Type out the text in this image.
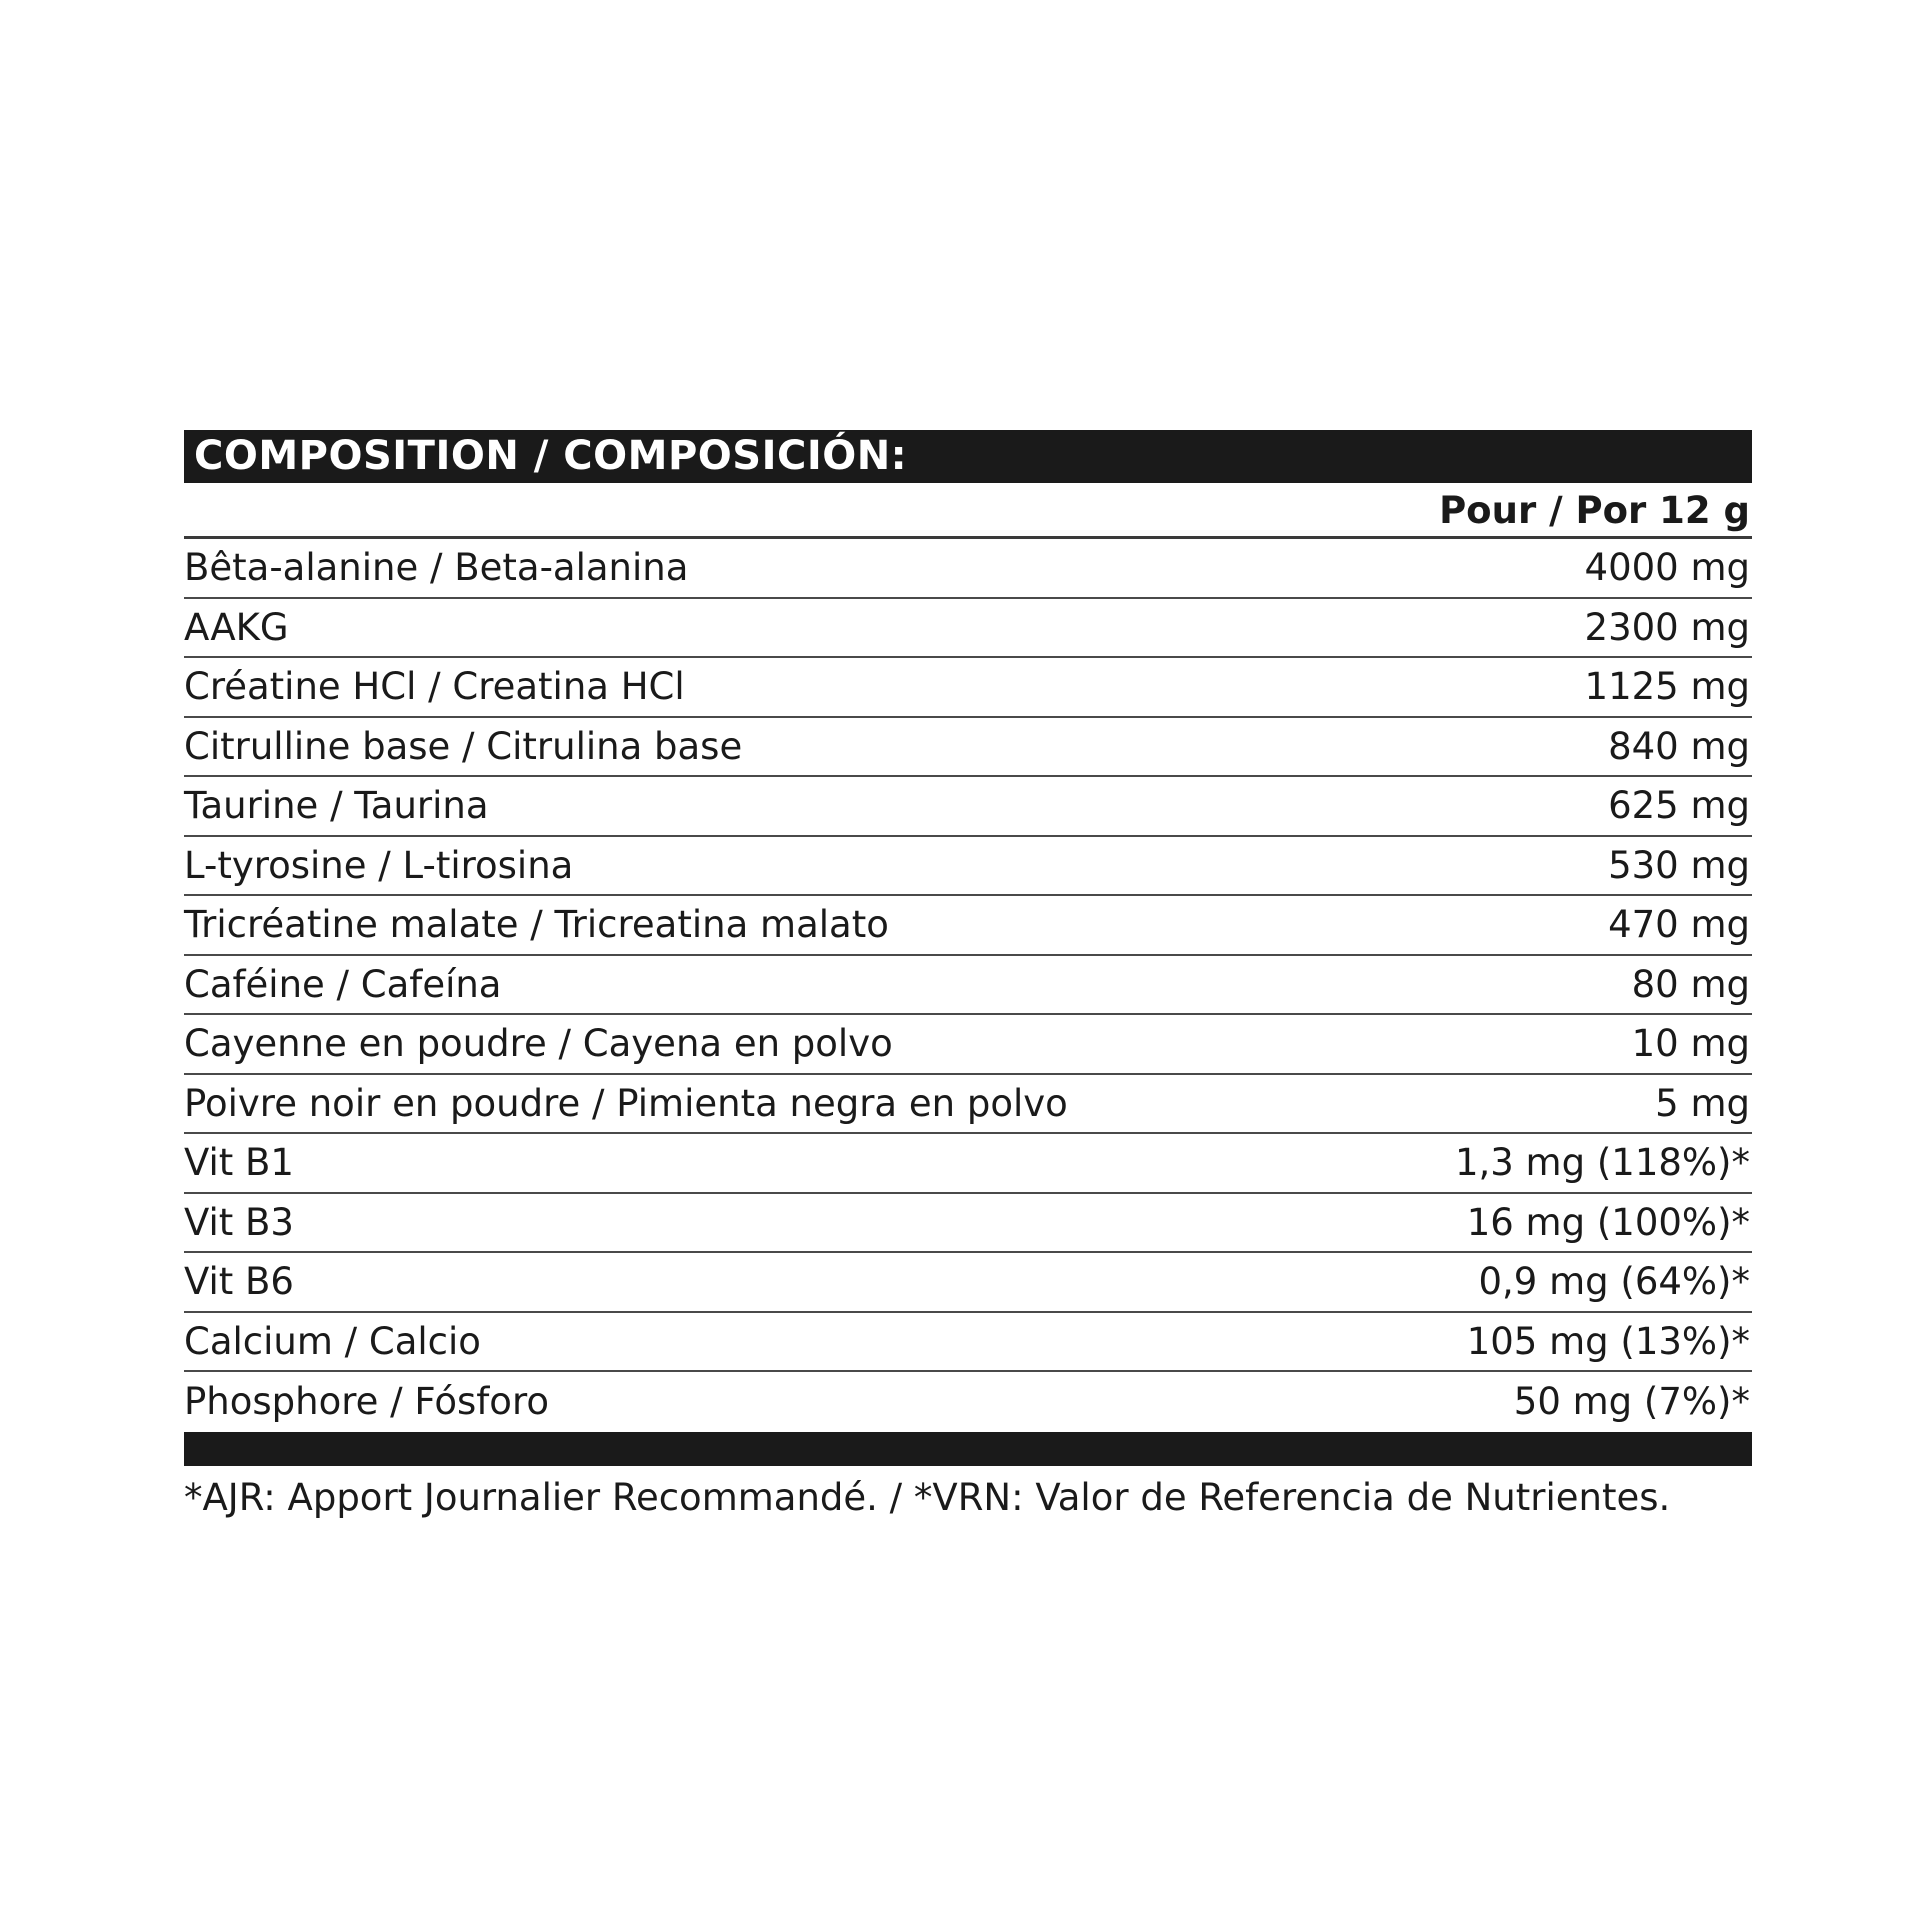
COMPOSITION / COMPOSICIÓN:
Pour / Por 12 g
Bêta-alanine / Beta-alanina	4000 mg
AAKG	2300 mg
Créatine HCl / Creatina HCl	1125 mg
Citrulline base / Citrulina base	840 mg
Taurine / Taurina	625 mg
L-tyrosine / L-tirosina	530 mg
Tricréatine malate / Tricreatina malato	470 mg
Caféine / Cafeína	80 mg
Cayenne en poudre / Cayena en polvo	10 mg
Poivre noir en poudre / Pimienta negra en polvo	5 mg
Vit B1	1,3 mg (118%)*
Vit B3	16 mg (100%)*
Vit B6	0,9 mg (64%)*
Calcium / Calcio	105 mg (13%)*
Phosphore / Fósforo	50 mg (7%)*
*AJR: Apport Journalier Recommandé. / *VRN: Valor de Referencia de Nutrientes.
